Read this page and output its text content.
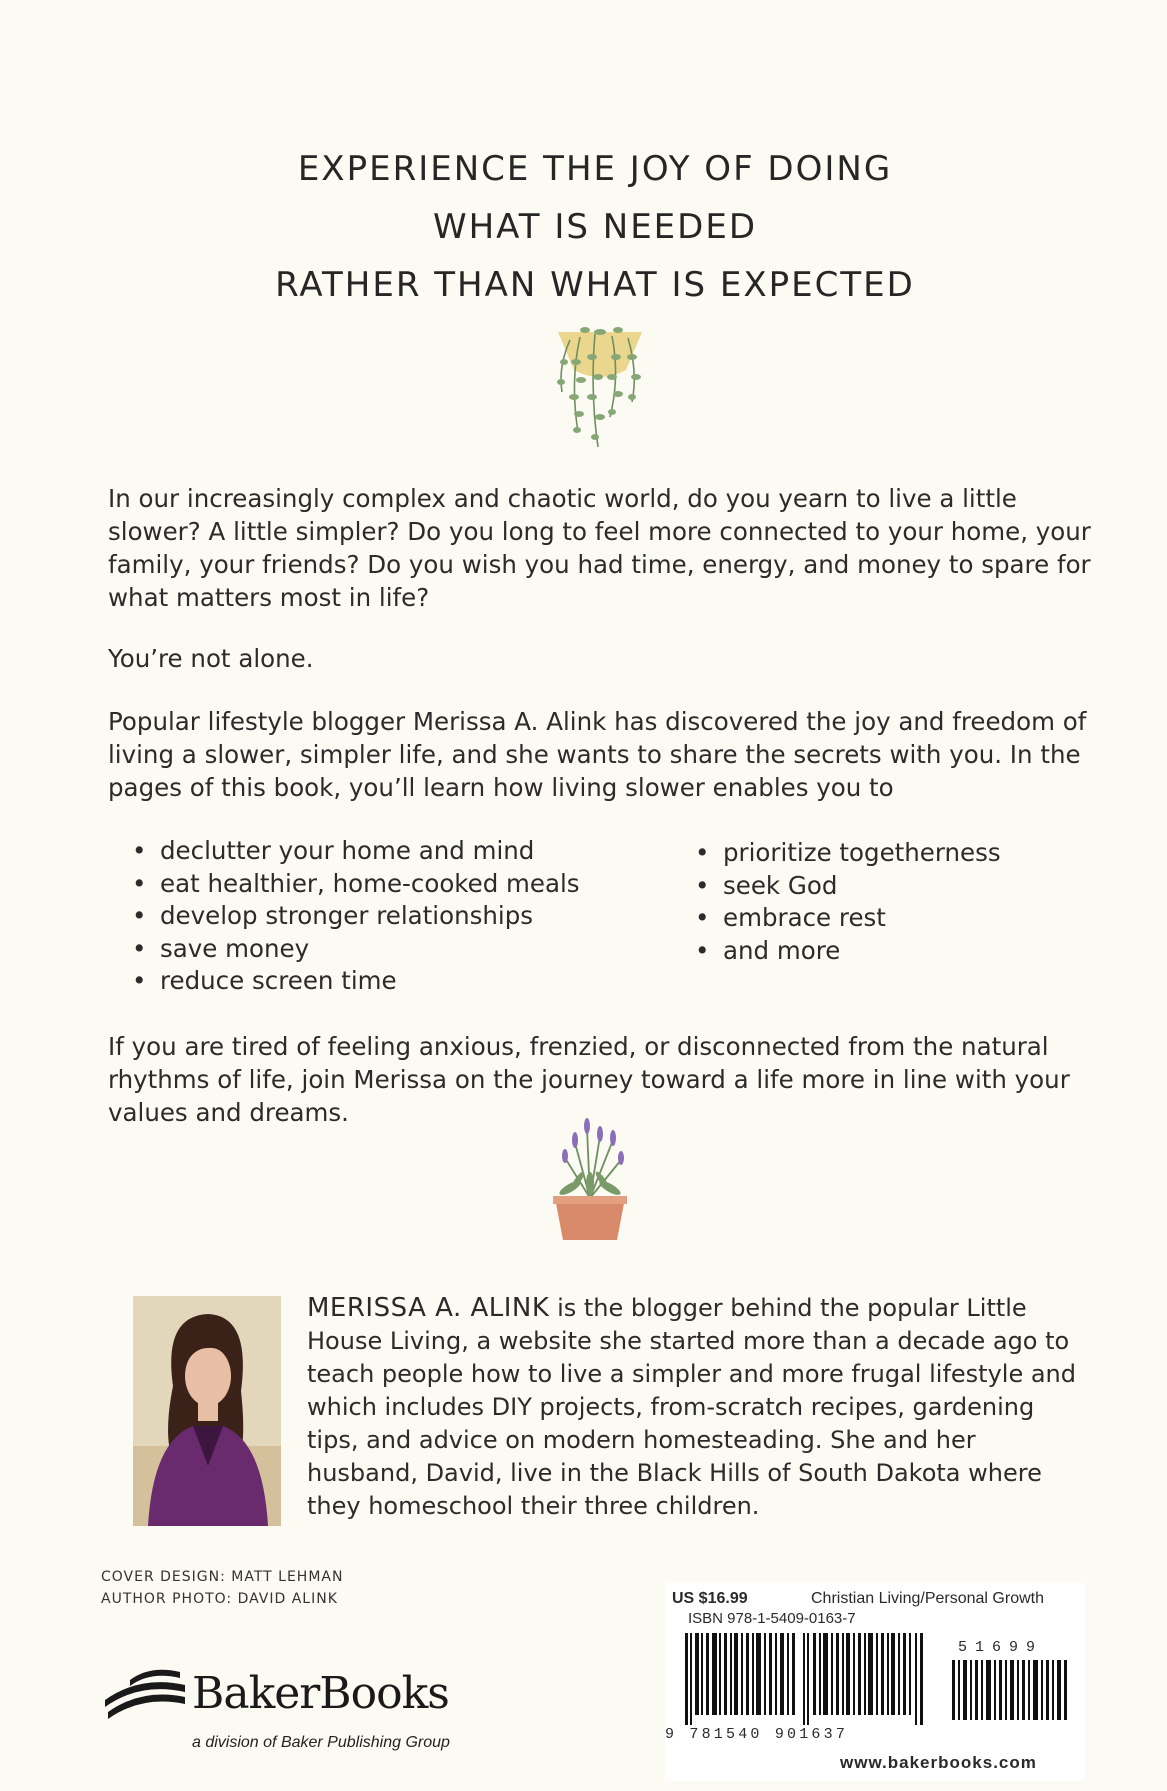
EXPERIENCE THE JOY OF DOING
WHAT IS NEEDED
RATHER THAN WHAT IS EXPECTED
In our increasingly complex and chaotic world, do you yearn to live a little slower? A little simpler? Do you long to feel more connected to your home, your family, your friends? Do you wish you had time, energy, and money to spare for what matters most in life?
You’re not alone.
Popular lifestyle blogger Merissa A. Alink has discovered the joy and freedom of living a slower, simpler life, and she wants to share the secrets with you. In the pages of this book, you’ll learn how living slower enables you to
• declutter your home and mind
• eat healthier, home-cooked meals
• develop stronger relationships
• save money
• reduce screen time
• prioritize togetherness
• seek God
• embrace rest
• and more
If you are tired of feeling anxious, frenzied, or disconnected from the natural rhythms of life, join Merissa on the journey toward a life more in line with your values and dreams.
MERISSA A. ALINK is the blogger behind the popular Little House Living, a website she started more than a decade ago to teach people how to live a simpler and more frugal lifestyle and which includes DIY projects, from-scratch recipes, gardening tips, and advice on modern homesteading. She and her husband, David, live in the Black Hills of South Dakota where they homeschool their three children.
COVER DESIGN: MATT LEHMAN
AUTHOR PHOTO: DAVID ALINK
BakerBooks
a division of Baker Publishing Group
US $16.99	Christian Living/Personal Growth
ISBN 978-1-5409-0163-7
9 781540 901637
51699
www.bakerbooks.com
